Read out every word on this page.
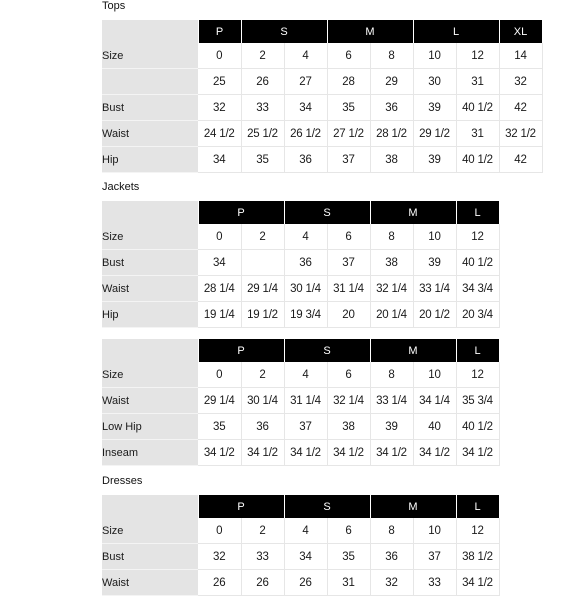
Tops
	P	S		M		L		XL
Size	0	2	4	6	8	10	12	14
	25	26	27	28	29	30	31	32
Bust	32	33	34	35	36	39	40 1/2	42
Waist	24 1/2	25 1/2	26 1/2	27 1/2	28 1/2	29 1/2	31	32 1/2
Hip	34	35	36	37	38	39	40 1/2	42
Jackets
	P		S		M		L
Size	0	2	4	6	8	10	12
Bust	34		36	37	38	39	40 1/2
Waist	28 1/4	29 1/4	30 1/4	31 1/4	32 1/4	33 1/4	34 3/4
Hip	19 1/4	19 1/2	19 3/4	20	20 1/4	20 1/2	20 3/4
	P		S		M		L
Size	0	2	4	6	8	10	12
Waist	29 1/4	30 1/4	31 1/4	32 1/4	33 1/4	34 1/4	35 3/4
Low Hip	35	36	37	38	39	40	40 1/2
Inseam	34 1/2	34 1/2	34 1/2	34 1/2	34 1/2	34 1/2	34 1/2
Dresses
	P		S		M		L
Size	0	2	4	6	8	10	12
Bust	32	33	34	35	36	37	38 1/2
Waist	26	26	26	31	32	33	34 1/2
